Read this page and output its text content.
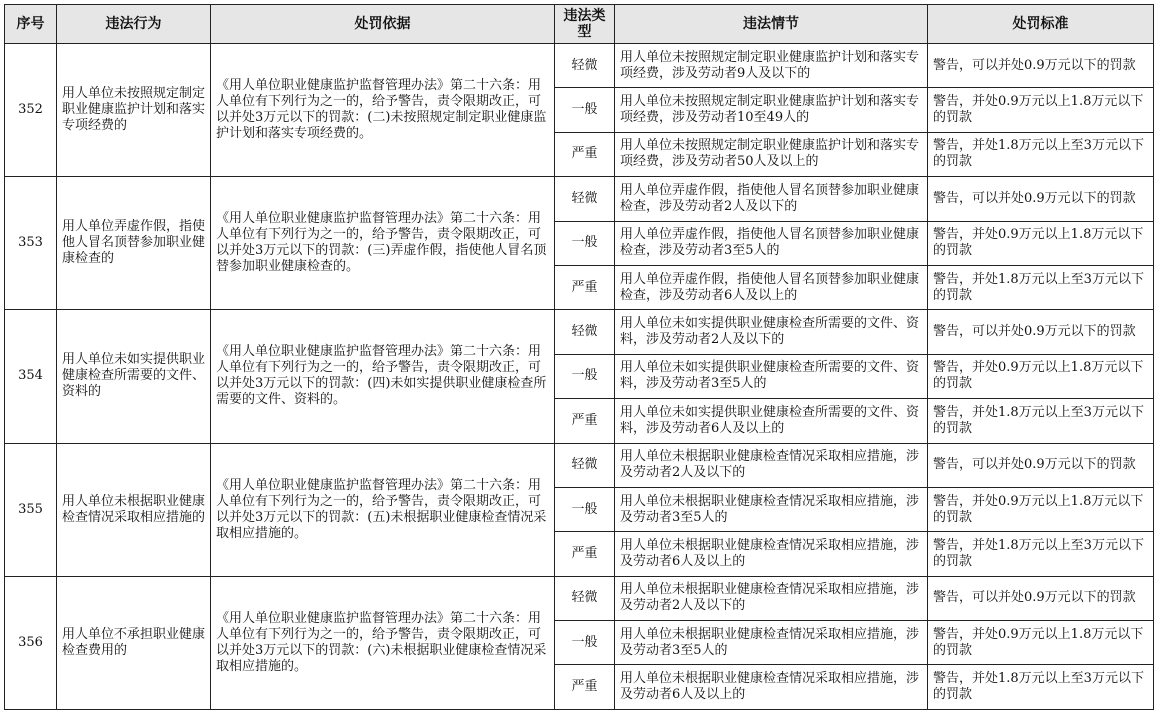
序号	违法行为	处罚依据	违法类型	违法情节	处罚标准
352	用人单位未按照规定制定职业健康监护计划和落实专项经费的	《用人单位职业健康监护监督管理办法》第二十六条：用人单位有下列行为之一的，给予警告，责令限期改正，可以并处3万元以下的罚款：(二)未按照规定制定职业健康监护计划和落实专项经费的。	轻微	用人单位未按照规定制定职业健康监护计划和落实专项经费，涉及劳动者9人及以下的	警告，可以并处0.9万元以下的罚款
			一般	用人单位未按照规定制定职业健康监护计划和落实专项经费，涉及劳动者10至49人的	警告，并处0.9万元以上1.8万元以下的罚款
			严重	用人单位未按照规定制定职业健康监护计划和落实专项经费，涉及劳动者50人及以上的	警告，并处1.8万元以上至3万元以下的罚款
353	用人单位弄虚作假，指使他人冒名顶替参加职业健康检查的	《用人单位职业健康监护监督管理办法》第二十六条：用人单位有下列行为之一的，给予警告，责令限期改正，可以并处3万元以下的罚款：(三)弄虚作假，指使他人冒名顶替参加职业健康检查的。	轻微	用人单位弄虚作假，指使他人冒名顶替参加职业健康检查，涉及劳动者2人及以下的	警告，可以并处0.9万元以下的罚款
			一般	用人单位弄虚作假，指使他人冒名顶替参加职业健康检查，涉及劳动者3至5人的	警告，并处0.9万元以上1.8万元以下的罚款
			严重	用人单位弄虚作假，指使他人冒名顶替参加职业健康检查，涉及劳动者6人及以上的	警告，并处1.8万元以上至3万元以下的罚款
354	用人单位未如实提供职业健康检查所需要的文件、资料的	《用人单位职业健康监护监督管理办法》第二十六条：用人单位有下列行为之一的，给予警告，责令限期改正，可以并处3万元以下的罚款：(四)未如实提供职业健康检查所需要的文件、资料的。	轻微	用人单位未如实提供职业健康检查所需要的文件、资料，涉及劳动者2人及以下的	警告，可以并处0.9万元以下的罚款
			一般	用人单位未如实提供职业健康检查所需要的文件、资料，涉及劳动者3至5人的	警告，并处0.9万元以上1.8万元以下的罚款
			严重	用人单位未如实提供职业健康检查所需要的文件、资料，涉及劳动者6人及以上的	警告，并处1.8万元以上至3万元以下的罚款
355	用人单位未根据职业健康检查情况采取相应措施的	《用人单位职业健康监护监督管理办法》第二十六条：用人单位有下列行为之一的，给予警告，责令限期改正，可以并处3万元以下的罚款：(五)未根据职业健康检查情况采取相应措施的。	轻微	用人单位未根据职业健康检查情况采取相应措施，涉及劳动者2人及以下的	警告，可以并处0.9万元以下的罚款
			一般	用人单位未根据职业健康检查情况采取相应措施，涉及劳动者3至5人的	警告，并处0.9万元以上1.8万元以下的罚款
			严重	用人单位未根据职业健康检查情况采取相应措施，涉及劳动者6人及以上的	警告，并处1.8万元以上至3万元以下的罚款
356	用人单位不承担职业健康检查费用的	《用人单位职业健康监护监督管理办法》第二十六条：用人单位有下列行为之一的，给予警告，责令限期改正，可以并处3万元以下的罚款：(六)未根据职业健康检查情况采取相应措施的。	轻微	用人单位未根据职业健康检查情况采取相应措施，涉及劳动者2人及以下的	警告，可以并处0.9万元以下的罚款
			一般	用人单位未根据职业健康检查情况采取相应措施，涉及劳动者3至5人的	警告，并处0.9万元以上1.8万元以下的罚款
			严重	用人单位未根据职业健康检查情况采取相应措施，涉及劳动者6人及以上的	警告，并处1.8万元以上至3万元以下的罚款
